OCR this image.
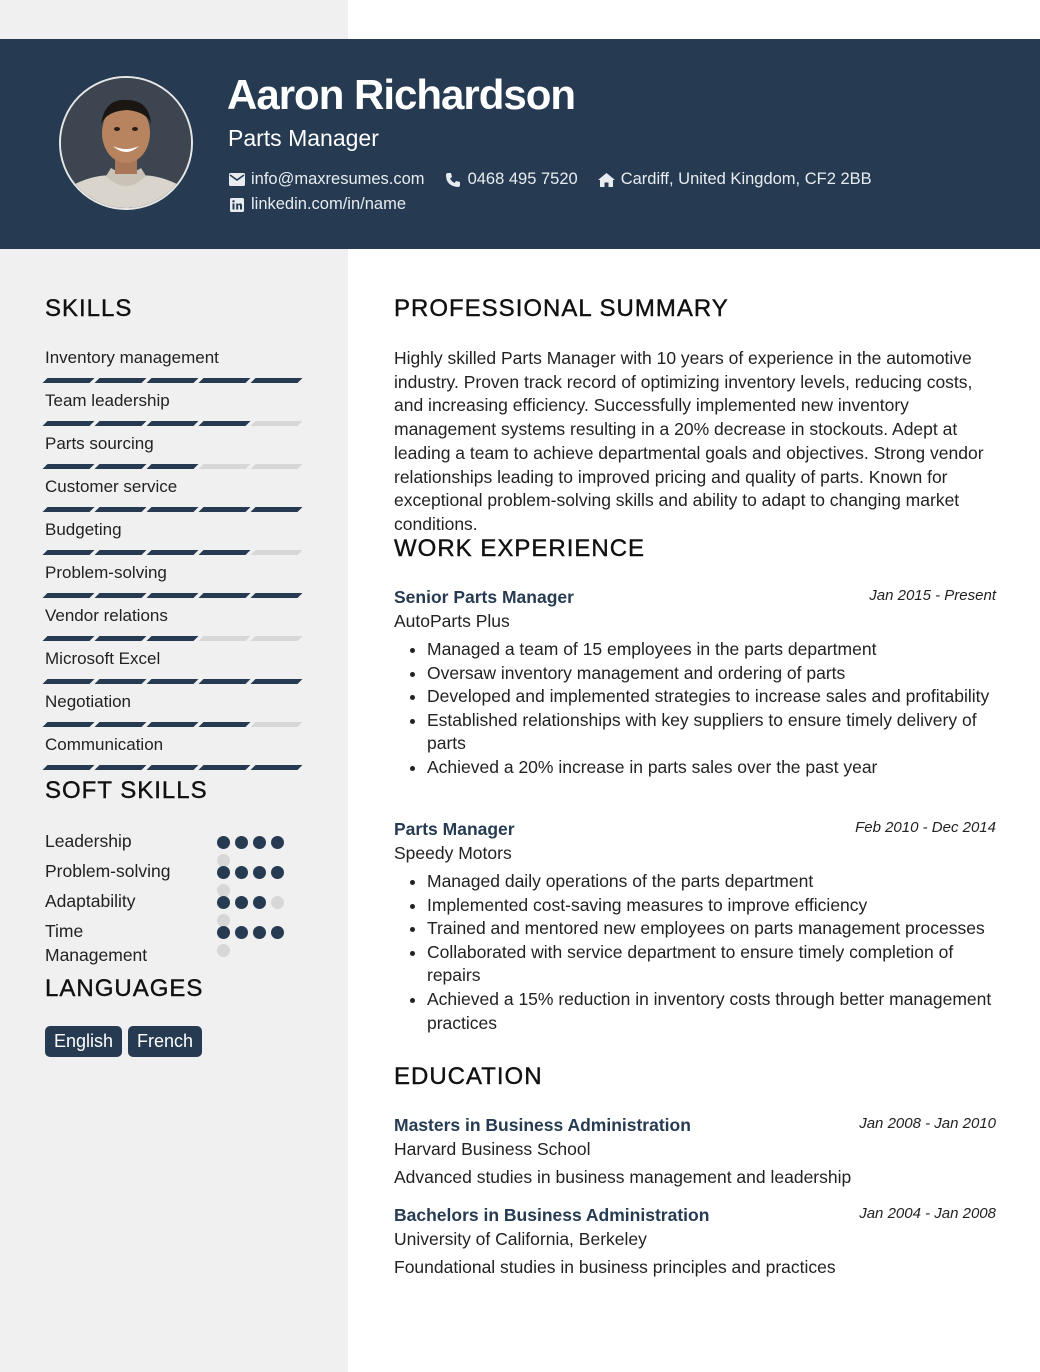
Aaron Richardson
Parts Manager
info@maxresumes.com	0468 495 7520	Cardiff, United Kingdom, CF2 2BB
linkedin.com/in/name
SKILLS
Inventory management
Team leadership
Parts sourcing
Customer service
Budgeting
Problem-solving
Vendor relations
Microsoft Excel
Negotiation
Communication
SOFT SKILLS
Leadership
Problem-solving
Adaptability
Time Management
LANGUAGES
English	French
PROFESSIONAL SUMMARY

Highly skilled Parts Manager with 10 years of experience in the automotive industry. Proven track record of optimizing inventory levels, reducing costs, and increasing efficiency. Successfully implemented new inventory management systems resulting in a 20% decrease in stockouts. Adept at leading a team to achieve departmental goals and objectives. Strong vendor relationships leading to improved pricing and quality of parts. Known for exceptional problem-solving skills and ability to adapt to changing market conditions.

WORK EXPERIENCE
Senior Parts Manager	Jan 2015 - Present
AutoParts Plus
• Managed a team of 15 employees in the parts department
• Oversaw inventory management and ordering of parts
• Developed and implemented strategies to increase sales and profitability
• Established relationships with key suppliers to ensure timely delivery of parts
• Achieved a 20% increase in parts sales over the past year
Parts Manager	Feb 2010 - Dec 2014
Speedy Motors
• Managed daily operations of the parts department
• Implemented cost-saving measures to improve efficiency
• Trained and mentored new employees on parts management processes
• Collaborated with service department to ensure timely completion of repairs
• Achieved a 15% reduction in inventory costs through better management practices
EDUCATION
Masters in Business Administration	Jan 2008 - Jan 2010
Harvard Business School
Advanced studies in business management and leadership
Bachelors in Business Administration	Jan 2004 - Jan 2008
University of California, Berkeley
Foundational studies in business principles and practices
